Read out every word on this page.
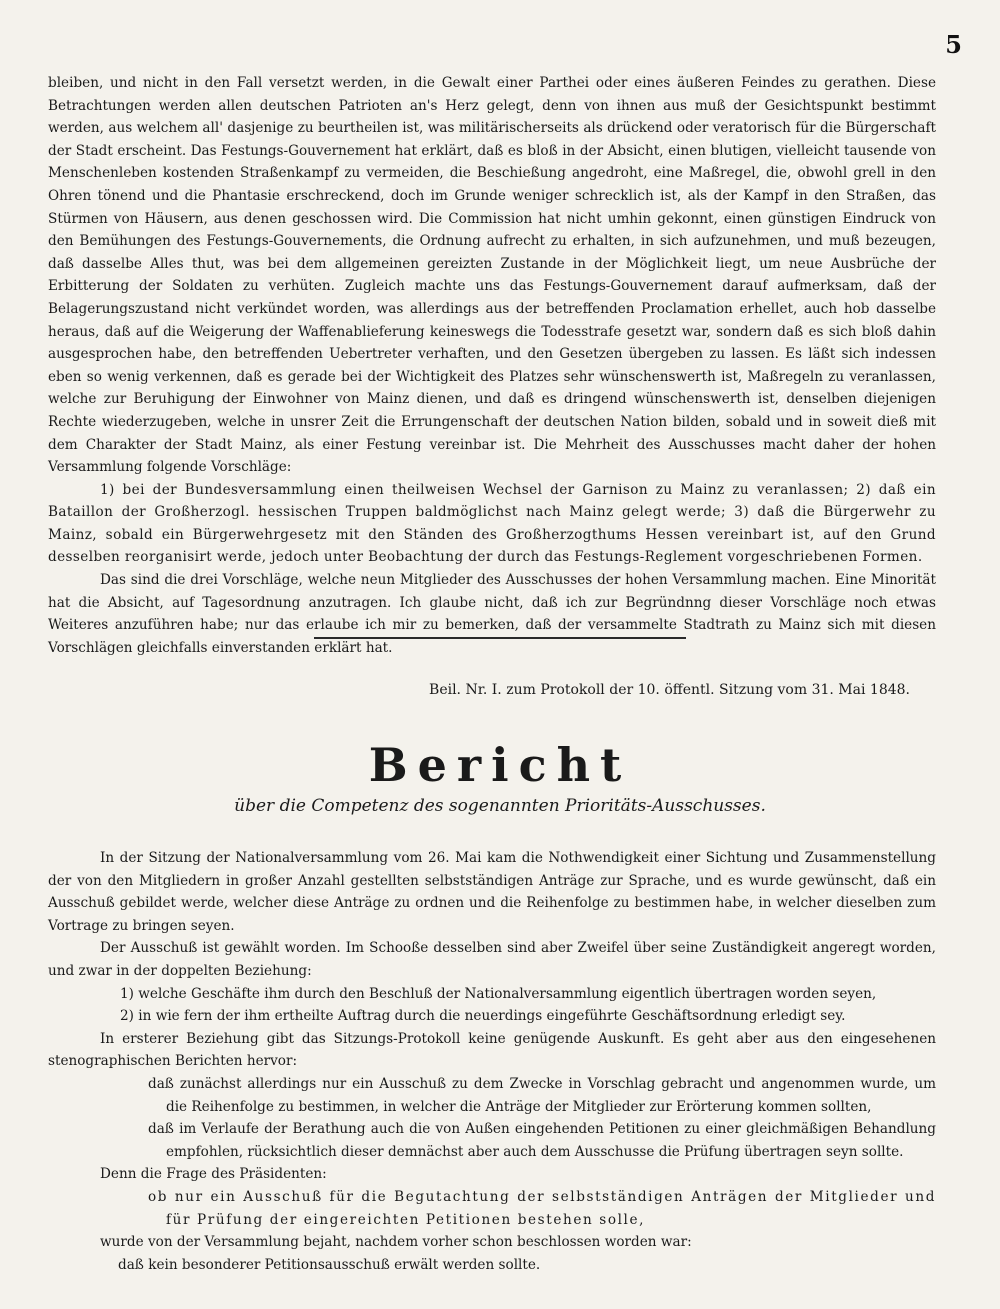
5

bleiben, und nicht in den Fall versetzt werden, in die Gewalt einer Parthei oder eines äußeren Feindes zu gerathen. Diese Betrachtungen werden allen deutschen Patrioten an's Herz gelegt, denn von ihnen aus muß der Gesichtspunkt bestimmt werden, aus welchem all' dasjenige zu beurtheilen ist, was militärischerseits als drückend oder veratorisch für die Bürgerschaft der Stadt erscheint. Das Festungs-Gouvernement hat erklärt, daß es bloß in der Absicht, einen blutigen, vielleicht tausende von Menschenleben kostenden Straßenkampf zu vermeiden, die Beschießung angedroht, eine Maßregel, die, obwohl grell in den Ohren tönend und die Phantasie erschreckend, doch im Grunde weniger schrecklich ist, als der Kampf in den Straßen, das Stürmen von Häusern, aus denen geschossen wird. Die Commission hat nicht umhin gekonnt, einen günstigen Eindruck von den Bemühungen des Festungs-Gouvernements, die Ordnung aufrecht zu erhalten, in sich aufzunehmen, und muß bezeugen, daß dasselbe Alles thut, was bei dem allgemeinen gereizten Zustande in der Möglichkeit liegt, um neue Ausbrüche der Erbitterung der Soldaten zu verhüten. Zugleich machte uns das Festungs-Gouvernement darauf aufmerksam, daß der Belagerungszustand nicht verkündet worden, was allerdings aus der betreffenden Proclamation erhellet, auch hob dasselbe heraus, daß auf die Weigerung der Waffenablieferung keineswegs die Todesstrafe gesetzt war, sondern daß es sich bloß dahin ausgesprochen habe, den betreffenden Uebertreter verhaften, und den Gesetzen übergeben zu lassen. Es läßt sich indessen eben so wenig verkennen, daß es gerade bei der Wichtigkeit des Platzes sehr wünschenswerth ist, Maßregeln zu veranlassen, welche zur Beruhigung der Einwohner von Mainz dienen, und daß es dringend wünschenswerth ist, denselben diejenigen Rechte wiederzugeben, welche in unsrer Zeit die Errungenschaft der deutschen Nation bilden, sobald und in soweit dieß mit dem Charakter der Stadt Mainz, als einer Festung vereinbar ist. Die Mehrheit des Ausschusses macht daher der hohen Versammlung folgende Vorschläge:

1) bei der Bundesversammlung einen theilweisen Wechsel der Garnison zu Mainz zu veranlassen; 2) daß ein Bataillon der Großherzogl. hessischen Truppen baldmöglichst nach Mainz gelegt werde; 3) daß die Bürgerwehr zu Mainz, sobald ein Bürgerwehrgesetz mit den Ständen des Großherzogthums Hessen vereinbart ist, auf den Grund desselben reorganisirt werde, jedoch unter Beobachtung der durch das Festungs-Reglement vorgeschriebenen Formen.

Das sind die drei Vorschläge, welche neun Mitglieder des Ausschusses der hohen Versammlung machen. Eine Minorität hat die Absicht, auf Tagesordnung anzutragen. Ich glaube nicht, daß ich zur Begründnng dieser Vorschläge noch etwas Weiteres anzuführen habe; nur das erlaube ich mir zu bemerken, daß der versammelte Stadtrath zu Mainz sich mit diesen Vorschlägen gleichfalls einverstanden erklärt hat.

Beil. Nr. I. zum Protokoll der 10. öffentl. Sitzung vom 31. Mai 1848.
Bericht
über die Competenz des sogenannten Prioritäts-Ausschusses.

In der Sitzung der Nationalversammlung vom 26. Mai kam die Nothwendigkeit einer Sichtung und Zusammenstellung der von den Mitgliedern in großer Anzahl gestellten selbstständigen Anträge zur Sprache, und es wurde gewünscht, daß ein Ausschuß gebildet werde, welcher diese Anträge zu ordnen und die Reihenfolge zu bestimmen habe, in welcher dieselben zum Vortrage zu bringen seyen.

Der Ausschuß ist gewählt worden. Im Schooße desselben sind aber Zweifel über seine Zuständigkeit angeregt worden, und zwar in der doppelten Beziehung:

1) welche Geschäfte ihm durch den Beschluß der Nationalversammlung eigentlich übertragen worden seyen,

2) in wie fern der ihm ertheilte Auftrag durch die neuerdings eingeführte Geschäftsordnung erledigt sey.

In ersterer Beziehung gibt das Sitzungs-Protokoll keine genügende Auskunft. Es geht aber aus den eingesehenen stenographischen Berichten hervor:

daß zunächst allerdings nur ein Ausschuß zu dem Zwecke in Vorschlag gebracht und angenommen wurde, um die Reihenfolge zu bestimmen, in welcher die Anträge der Mitglieder zur Erörterung kommen sollten,

daß im Verlaufe der Berathung auch die von Außen eingehenden Petitionen zu einer gleichmäßigen Behandlung empfohlen, rücksichtlich dieser demnächst aber auch dem Ausschusse die Prüfung übertragen seyn sollte.

Denn die Frage des Präsidenten:

ob nur ein Ausschuß für die Begutachtung der selbstständigen Anträgen der Mitglieder und für Prüfung der eingereichten Petitionen bestehen solle,

wurde von der Versammlung bejaht, nachdem vorher schon beschlossen worden war:

daß kein besonderer Petitionsausschuß erwält werden sollte.
